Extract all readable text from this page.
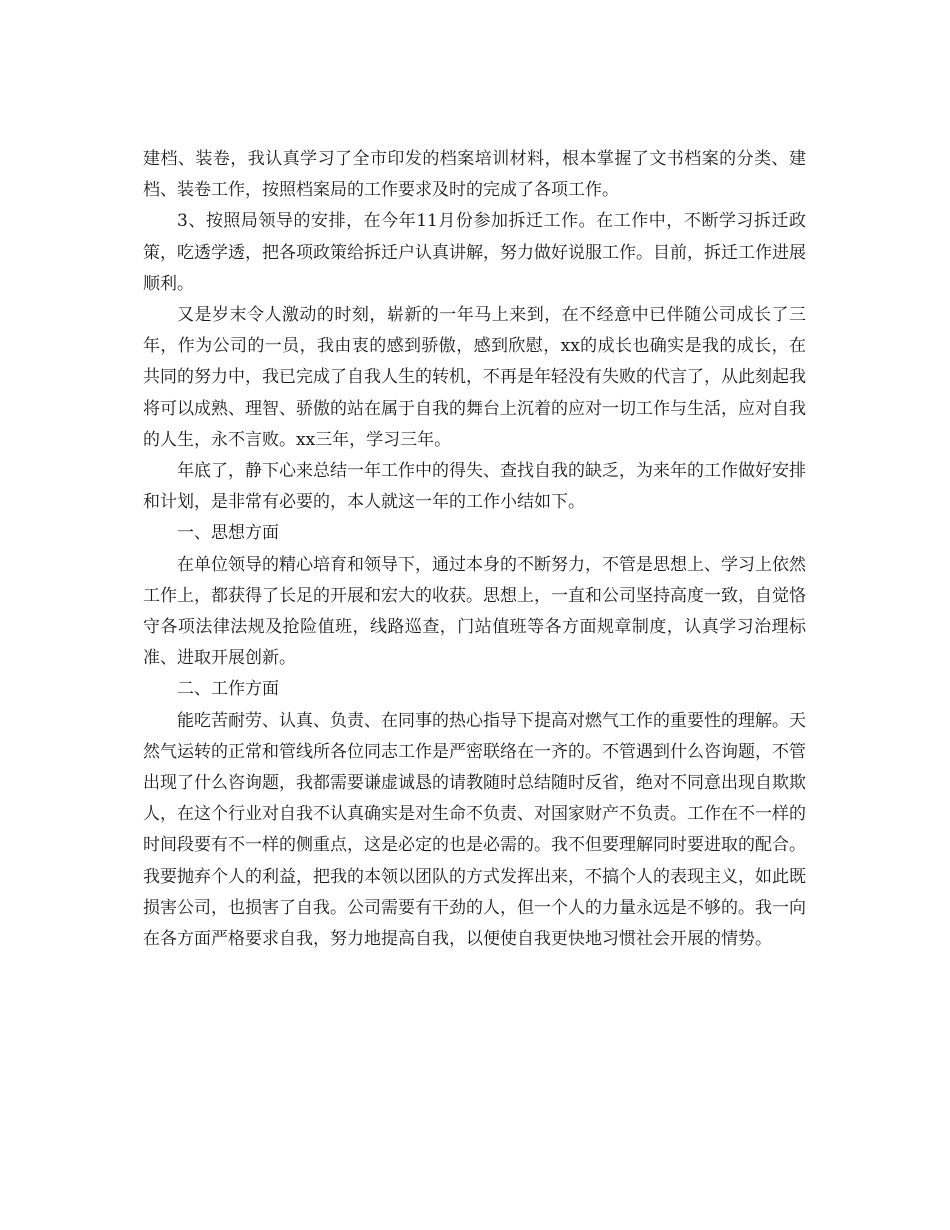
建档、装卷，我认真学习了全市印发的档案培训材料，根本掌握了文书档案的分类、建档、装卷工作，按照档案局的工作要求及时的完成了各项工作。

3、按照局领导的安排，在今年11月份参加拆迁工作。在工作中，不断学习拆迁政策，吃透学透，把各项政策给拆迁户认真讲解，努力做好说服工作。目前，拆迁工作进展顺利。

又是岁末令人激动的时刻，崭新的一年马上来到，在不经意中已伴随公司成长了三年，作为公司的一员，我由衷的感到骄傲，感到欣慰，xx的成长也确实是我的成长，在共同的努力中，我已完成了自我人生的转机，不再是年轻没有失败的代言了，从此刻起我将可以成熟、理智、骄傲的站在属于自我的舞台上沉着的应对一切工作与生活，应对自我的人生，永不言败。xx三年，学习三年。

年底了，静下心来总结一年工作中的得失、查找自我的缺乏，为来年的工作做好安排和计划，是非常有必要的，本人就这一年的工作小结如下。

一、思想方面

在单位领导的精心培育和领导下，通过本身的不断努力，不管是思想上、学习上依然工作上，都获得了长足的开展和宏大的收获。思想上，一直和公司坚持高度一致，自觉恪守各项法律法规及抢险值班，线路巡查，门站值班等各方面规章制度，认真学习治理标准、进取开展创新。

二、工作方面

能吃苦耐劳、认真、负责、在同事的热心指导下提高对燃气工作的重要性的理解。天然气运转的正常和管线所各位同志工作是严密联络在一齐的。不管遇到什么咨询题，不管出现了什么咨询题，我都需要谦虚诚恳的请教随时总结随时反省，绝对不同意出现自欺欺人，在这个行业对自我不认真确实是对生命不负责、对国家财产不负责。工作在不一样的时间段要有不一样的侧重点，这是必定的也是必需的。我不但要理解同时要进取的配合。我要抛弃个人的利益，把我的本领以团队的方式发挥出来，不搞个人的表现主义，如此既损害公司，也损害了自我。公司需要有干劲的人，但一个人的力量永远是不够的。我一向在各方面严格要求自我，努力地提高自我，以便使自我更快地习惯社会开展的情势。
